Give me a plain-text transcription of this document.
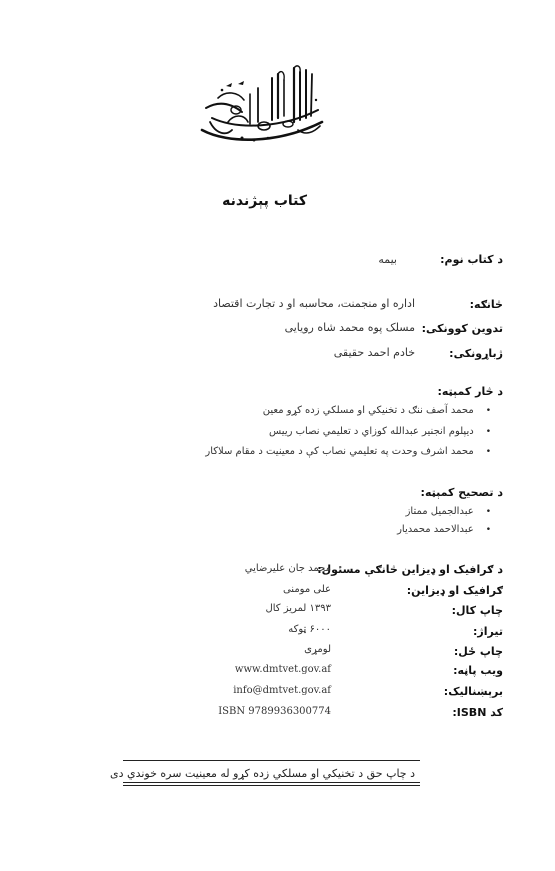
کتاب پېژندنه
د کتاب نوم:
بیمه
څانګه:
اداره او منجمنت، محاسبه او د تجارت اقتصاد
تدوین کوونکی:
مسلک پوه محمد شاه رویایی
ژباړونکی:
خادم احمد حقیقی
د څار کمېټه:
•
محمد آصف ننګ د تخنیکي او مسلکي زده کړو معین
•
دیپلوم انجنیر عبدالله کوزاي د تعلیمي نصاب رییس
•
محمد اشرف وحدت په تعلیمي نصاب کې د معینیت د مقام سلاکار
د تصحیح کمېټه:
•
عبدالجمیل ممتاز
•
عبدالاحمد محمدیار
د ګرافیک او ډیزاین څانګې مسئول:
محمد جان علیرضایي
ګرافیک او ډیزاین:
علی مومنی
چاپ کال:
۱۳۹۳ لمریز کال
تیراژ:
۶۰۰۰ ټوکه
چاپ ځل:
لومړی
ویب پاڼه:
www.dmtvet.gov.af
برېښنالیک:
info@dmtvet.gov.af
کد ISBN:
ISBN 9789936300774
د چاپ حق د تخنیکي او مسلکي زده کړو له معینیت سره خوندي دی
